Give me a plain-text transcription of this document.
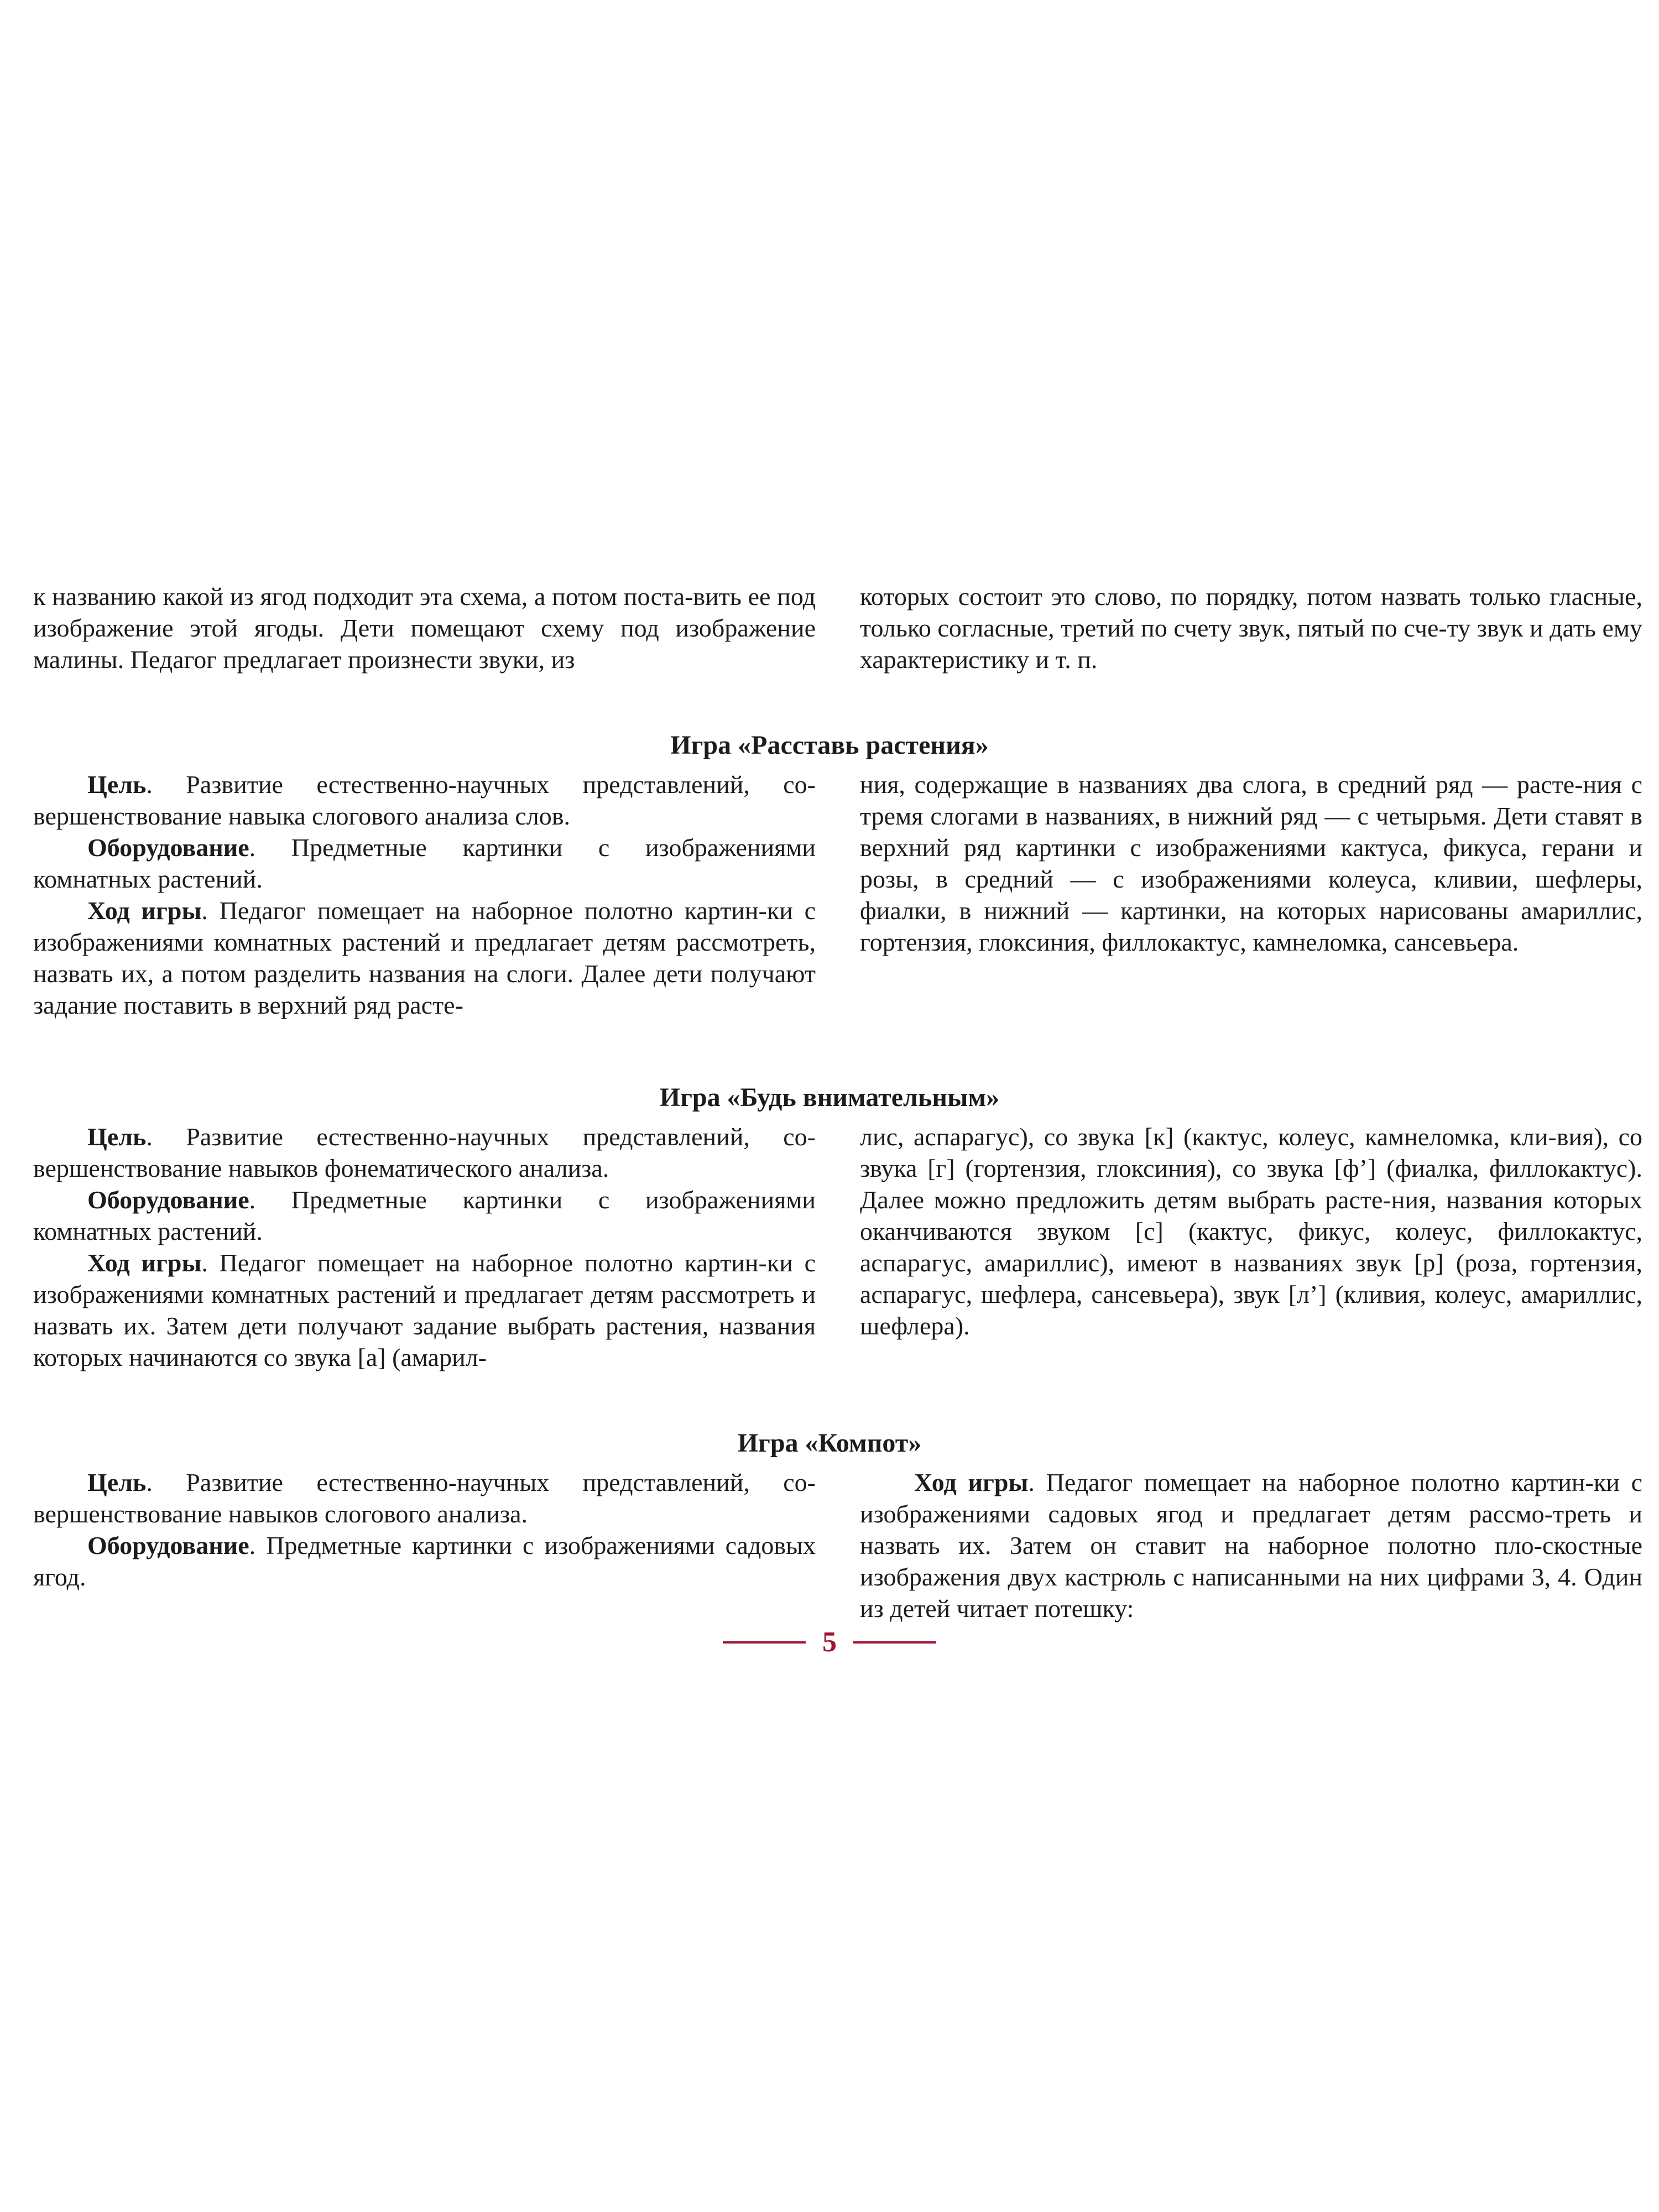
к названию какой из ягод подходит эта схема, а потом поста-вить ее под изображение этой ягоды. Дети помещают схему под изображение малины. Педагог предлагает произнести звуки, из

которых состоит это слово, по порядку, потом назвать только гласные, только согласные, третий по счету звук, пятый по сче-ту звук и дать ему характеристику и т. п.

Игра «Расставь растения»

Цель. Развитие естественно-научных представлений, со-вершенствование навыка слогового анализа слов.

Оборудование. Предметные картинки с изображениями комнатных растений.

Ход игры. Педагог помещает на наборное полотно картин-ки с изображениями комнатных растений и предлагает детям рассмотреть, назвать их, а потом разделить названия на слоги. Далее дети получают задание поставить в верхний ряд расте-

ния, содержащие в названиях два слога, в средний ряд — расте-ния с тремя слогами в названиях, в нижний ряд — с четырьмя. Дети ставят в верхний ряд картинки с изображениями кактуса, фикуса, герани и розы, в средний — с изображениями колеуса, кливии, шефлеры, фиалки, в нижний — картинки, на которых нарисованы амариллис, гортензия, глоксиния, филлокактус, камнеломка, сансевьера.

Игра «Будь внимательным»

Цель. Развитие естественно-научных представлений, со-вершенствование навыков фонематического анализа.

Оборудование. Предметные картинки с изображениями комнатных растений.

Ход игры. Педагог помещает на наборное полотно картин-ки с изображениями комнатных растений и предлагает детям рассмотреть и назвать их. Затем дети получают задание выбрать растения, названия которых начинаются со звука [а] (амарил-

лис, аспарагус), со звука [к] (кактус, колеус, камнеломка, кли-вия), со звука [г] (гортензия, глоксиния), со звука [ф’] (фиалка, филлокактус). Далее можно предложить детям выбрать расте-ния, названия которых оканчиваются звуком [с] (кактус, фикус, колеус, филлокактус, аспарагус, амариллис), имеют в названиях звук [р] (роза, гортензия, аспарагус, шефлера, сансевьера), звук [л’] (кливия, колеус, амариллис, шефлера).

Игра «Компот»

Цель. Развитие естественно-научных представлений, со-вершенствование навыков слогового анализа.

Оборудование. Предметные картинки с изображениями садовых ягод.

Ход игры. Педагог помещает на наборное полотно картин-ки с изображениями садовых ягод и предлагает детям рассмо-треть и назвать их. Затем он ставит на наборное полотно пло-скостные изображения двух кастрюль с написанными на них цифрами 3, 4. Один из детей читает потешку:

5
